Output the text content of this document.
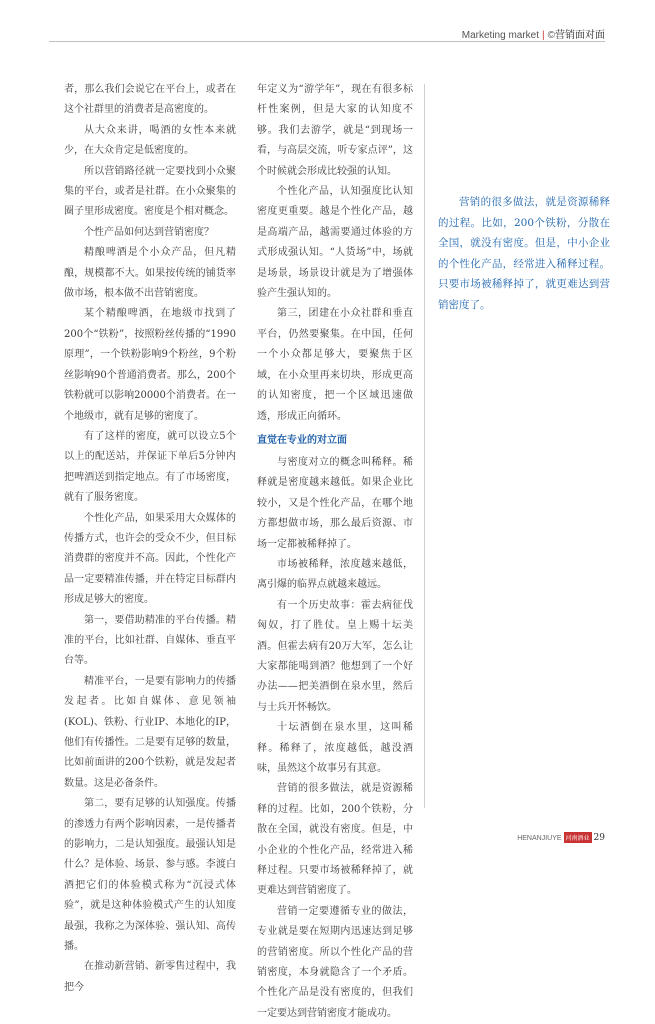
Marketing market | ©营销面对面

者，那么我们会说它在平台上，或者在这个社群里的消费者是高密度的。

从大众来讲，喝酒的女性本来就少，在大众肯定是低密度的。

所以营销路径就一定要找到小众聚集的平台，或者是社群。在小众聚集的圈子里形成密度。密度是个相对概念。

个性产品如何达到营销密度？

精酿啤酒是个小众产品，但凡精酿，规模都不大。如果按传统的铺货率做市场，根本做不出营销密度。

某个精酿啤酒，在地级市找到了200个“铁粉”，按照粉丝传播的“1990原理”，一个铁粉影响9个粉丝，9个粉丝影响90个普通消费者。那么，200个铁粉就可以影响20000个消费者。在一个地级市，就有足够的密度了。

有了这样的密度，就可以设立5个以上的配送站，并保证下单后5分钟内把啤酒送到指定地点。有了市场密度，就有了服务密度。

个性化产品，如果采用大众媒体的传播方式，也许会的受众不少，但目标消费群的密度并不高。因此，个性化产品一定要精准传播，并在特定目标群内形成足够大的密度。

第一，要借助精准的平台传播。精准的平台，比如社群、自媒体、垂直平台等。

精准平台，一是要有影响力的传播发起者。比如自媒体、意见领袖(KOL)、铁粉、行业IP、本地化的IP，他们有传播性。二是要有足够的数量，比如前面讲的200个铁粉，就是发起者数量。这是必备条件。

第二，要有足够的认知强度。传播的渗透力有两个影响因素，一是传播者的影响力，二是认知强度。最强认知是什么？是体验、场景、参与感。李渡白酒把它们的体验模式称为“沉浸式体验”，就是这种体验模式产生的认知度最强，我称之为深体验、强认知、高传播。

在推动新营销、新零售过程中，我把今

年定义为“游学年”，现在有很多标杆性案例，但是大家的认知度不够。我们去游学，就是“到现场一看，与高层交流，听专家点评”，这个时候就会形成比较强的认知。

个性化产品，认知强度比认知密度更重要。越是个性化产品，越是高端产品，越需要通过体验的方式形成强认知。“人货场”中，场就是场景，场景设计就是为了增强体验产生强认知的。

第三，团建在小众社群和垂直平台，仍然要聚集。在中国，任何一个小众都足够大，要聚焦于区域，在小众里再来切块，形成更高的认知密度，把一个区域迅速做透，形成正向循环。

直觉在专业的对立面

与密度对立的概念叫稀释。稀释就是密度越来越低。如果企业比较小，又是个性化产品，在哪个地方都想做市场，那么最后资源、市场一定都被稀释掉了。

市场被稀释，浓度越来越低，离引爆的临界点就越来越远。

有一个历史故事：霍去病征伐匈奴，打了胜仗。皇上赐十坛美酒。但霍去病有20万大军，怎么让大家都能喝到酒？他想到了一个好办法——把美酒倒在泉水里，然后与士兵开怀畅饮。

十坛酒倒在泉水里，这叫稀释。稀释了，浓度越低，越没酒味，虽然这个故事另有其意。

营销的很多做法，就是资源稀释的过程。比如，200个铁粉，分散在全国，就没有密度。但是，中小企业的个性化产品，经常进入稀释过程。只要市场被稀释掉了，就更难达到营销密度了。

营销一定要遵循专业的做法，专业就是要在短期内迅速达到足够的营销密度。所以个性化产品的营销密度，本身就隐含了一个矛盾。个性化产品是没有密度的，但我们一定要达到营销密度才能成功。

营销的很多做法，就是资源稀释的过程。比如，200个铁粉，分散在全国，就没有密度。但是，中小企业的个性化产品，经常进入稀释过程。只要市场被稀释掉了，就更难达到营销密度了。

HENANJIUYE 河南酒业 29
